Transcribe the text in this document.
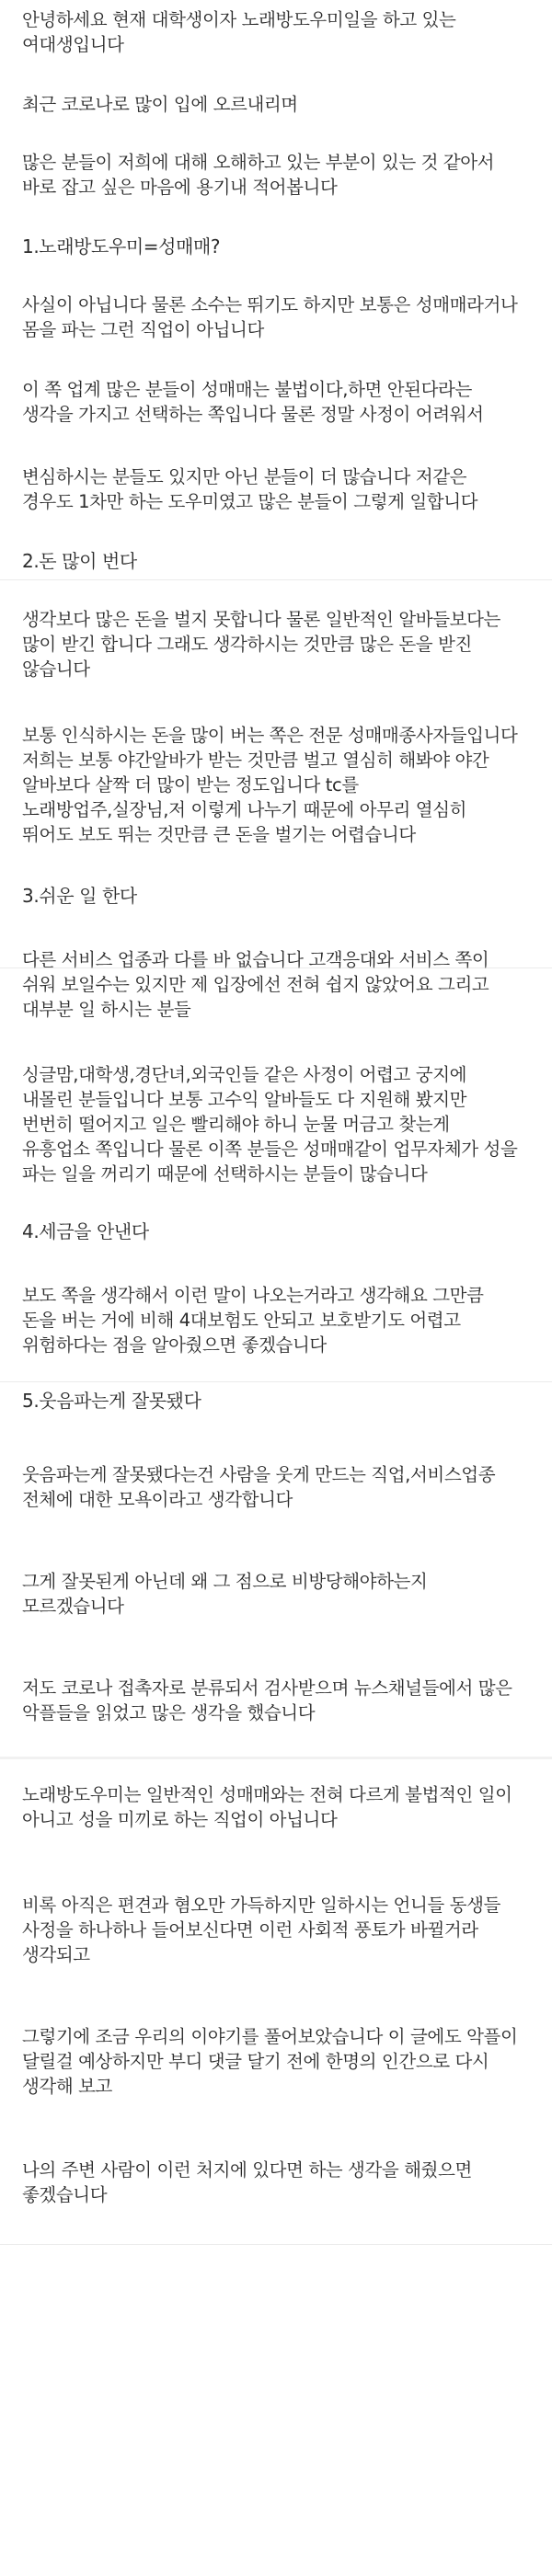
안녕하세요 현재 대학생이자 노래방도우미일을 하고 있는

여대생입니다

최근 코로나로 많이 입에 오르내리며

많은 분들이 저희에 대해 오해하고 있는 부분이 있는 것 같아서

바로 잡고 싶은 마음에 용기내 적어봅니다

1.노래방도우미=성매매?

사실이 아닙니다 물론 소수는 뛰기도 하지만 보통은 성매매라거나

몸을 파는 그런 직업이 아닙니다

이 쪽 업계 많은 분들이 성매매는 불법이다,하면 안된다라는

생각을 가지고 선택하는 쪽입니다 물론 정말 사정이 어려워서

변심하시는 분들도 있지만 아닌 분들이 더 많습니다 저같은

경우도 1차만 하는 도우미였고 많은 분들이 그렇게 일합니다

2.돈 많이 번다

생각보다 많은 돈을 벌지 못합니다 물론 일반적인 알바들보다는

많이 받긴 합니다 그래도 생각하시는 것만큼 많은 돈을 받진

않습니다

보통 인식하시는 돈을 많이 버는 쪽은 전문 성매매종사자들입니다

저희는 보통 야간알바가 받는 것만큼 벌고 열심히 해봐야 야간

알바보다 살짝 더 많이 받는 정도입니다 tc를

노래방업주,실장님,저 이렇게 나누기 때문에 아무리 열심히

뛰어도 보도 뛰는 것만큼 큰 돈을 벌기는 어렵습니다

3.쉬운 일 한다

다른 서비스 업종과 다를 바 없습니다 고객응대와 서비스 쪽이

쉬워 보일수는 있지만 제 입장에선 전혀 쉽지 않았어요 그리고

대부분 일 하시는 분들

싱글맘,대학생,경단녀,외국인들 같은 사정이 어렵고 궁지에

내몰린 분들입니다 보통 고수익 알바들도 다 지원해 봤지만

번번히 떨어지고 일은 빨리해야 하니 눈물 머금고 찾는게

유흥업소 쪽입니다 물론 이쪽 분들은 성매매같이 업무자체가 성을

파는 일을 꺼리기 때문에 선택하시는 분들이 많습니다

4.세금을 안낸다

보도 쪽을 생각해서 이런 말이 나오는거라고 생각해요 그만큼

돈을 버는 거에 비해 4대보험도 안되고 보호받기도 어렵고

위험하다는 점을 알아줬으면 좋겠습니다

5.웃음파는게 잘못됐다

웃음파는게 잘못됐다는건 사람을 웃게 만드는 직업,서비스업종

전체에 대한 모욕이라고 생각합니다

그게 잘못된게 아닌데 왜 그 점으로 비방당해야하는지

모르겠습니다

저도 코로나 접촉자로 분류되서 검사받으며 뉴스채널들에서 많은

악플들을 읽었고 많은 생각을 했습니다

노래방도우미는 일반적인 성매매와는 전혀 다르게 불법적인 일이

아니고 성을 미끼로 하는 직업이 아닙니다

비록 아직은 편견과 혐오만 가득하지만 일하시는 언니들 동생들

사정을 하나하나 들어보신다면 이런 사회적 풍토가 바뀔거라

생각되고

그렇기에 조금 우리의 이야기를 풀어보았습니다 이 글에도 악플이

달릴걸 예상하지만 부디 댓글 달기 전에 한명의 인간으로 다시

생각해 보고

나의 주변 사람이 이런 처지에 있다면 하는 생각을 해줬으면

좋겠습니다
